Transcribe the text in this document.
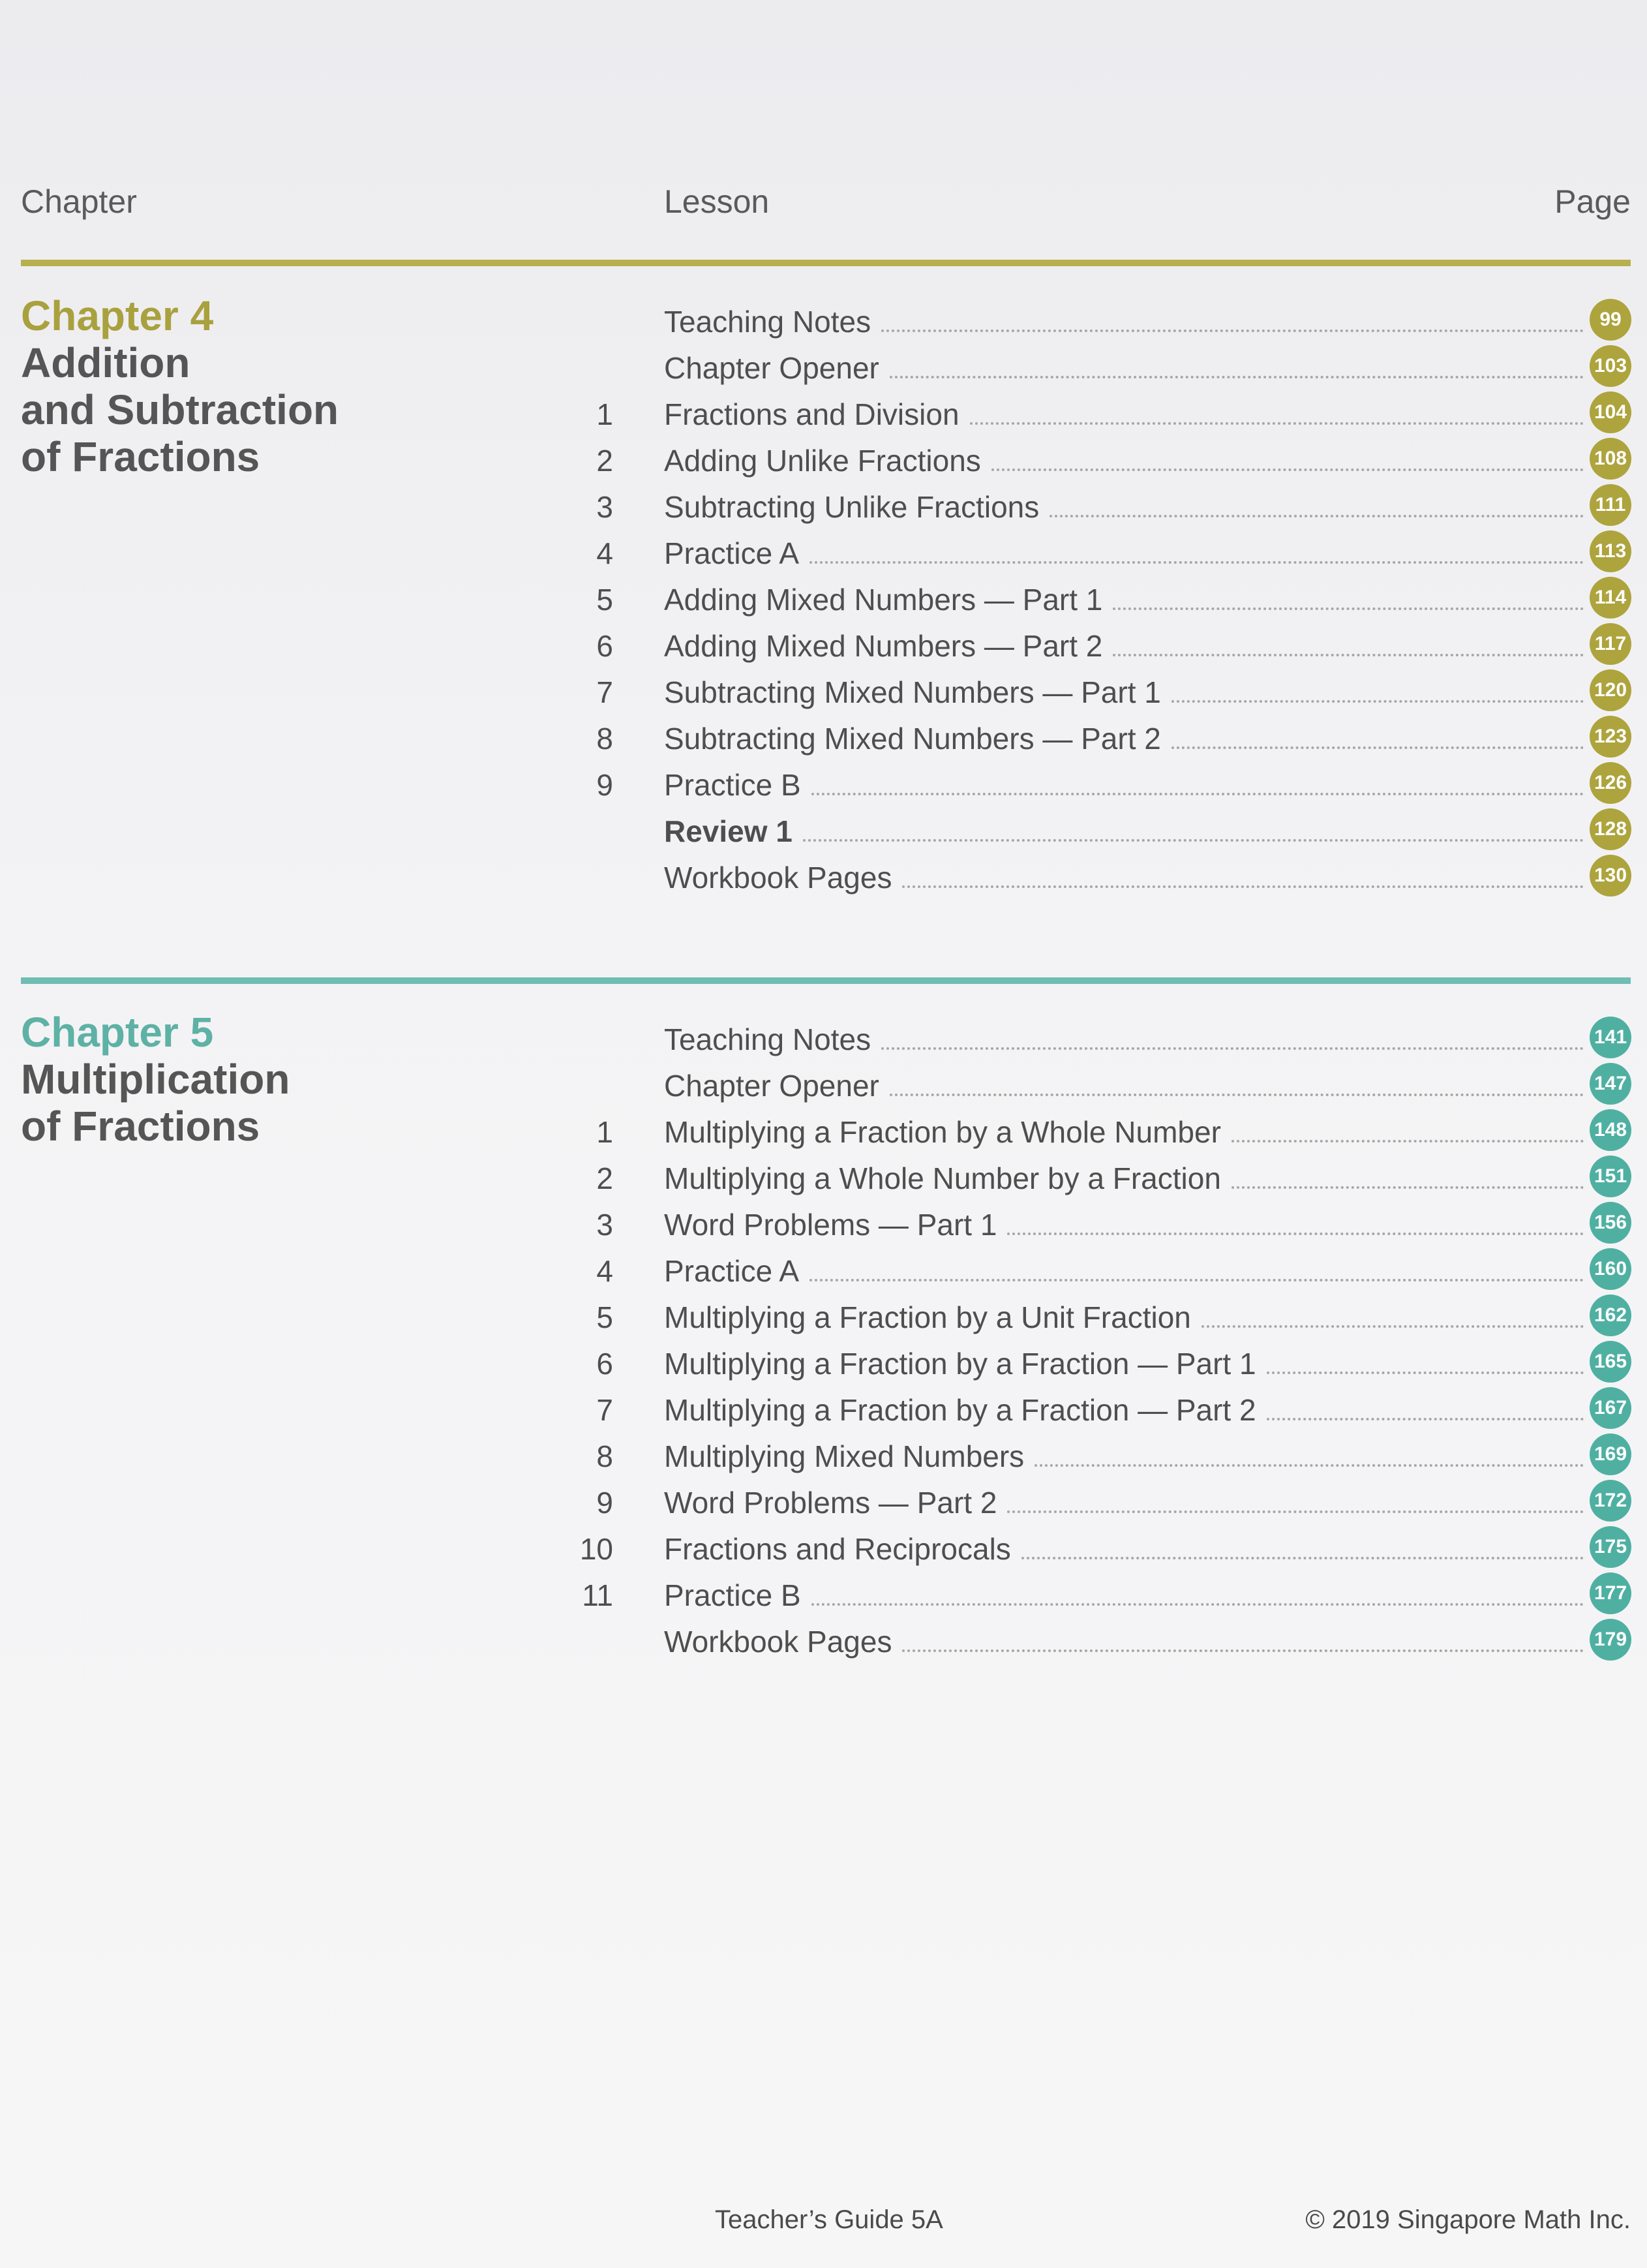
Chapter	Lesson	Page
Chapter 4
Addition
and Subtraction
of Fractions
Teaching Notes	99
Chapter Opener	103
1 Fractions and Division	104
2 Adding Unlike Fractions	108
3 Subtracting Unlike Fractions	111
4 Practice A	113
5 Adding Mixed Numbers — Part 1	114
6 Adding Mixed Numbers — Part 2	117
7 Subtracting Mixed Numbers — Part 1	120
8 Subtracting Mixed Numbers — Part 2	123
9 Practice B	126
Review 1	128
Workbook Pages	130
Chapter 5
Multiplication
of Fractions
Teaching Notes	141
Chapter Opener	147
1 Multiplying a Fraction by a Whole Number	148
2 Multiplying a Whole Number by a Fraction	151
3 Word Problems — Part 1	156
4 Practice A	160
5 Multiplying a Fraction by a Unit Fraction	162
6 Multiplying a Fraction by a Fraction — Part 1	165
7 Multiplying a Fraction by a Fraction — Part 2	167
8 Multiplying Mixed Numbers	169
9 Word Problems — Part 2	172
10 Fractions and Reciprocals	175
11 Practice B	177
Workbook Pages	179
Teacher’s Guide 5A	© 2019 Singapore Math Inc.
